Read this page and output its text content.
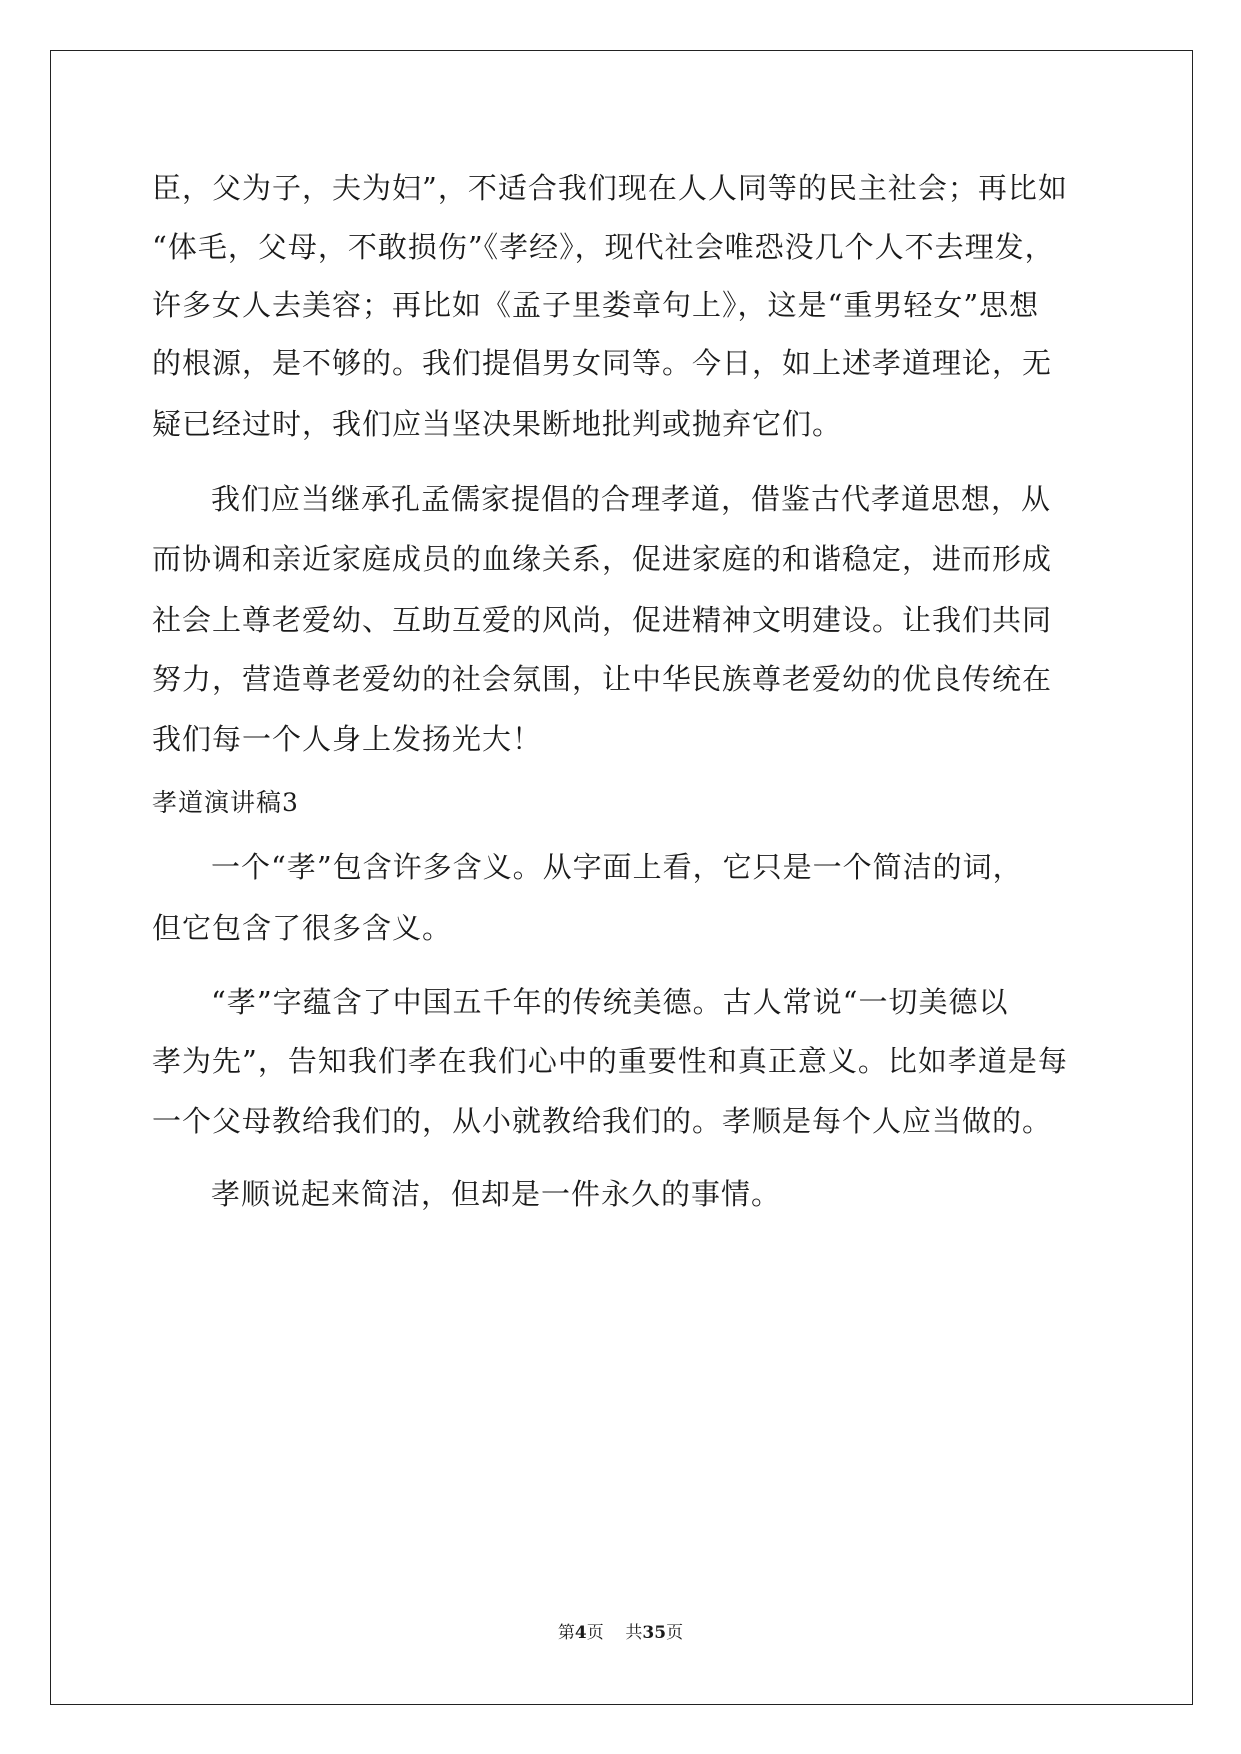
臣，父为子，夫为妇”，不适合我们现在人人同等的民主社会；再比如
“体毛，父母，不敢损伤”《孝经》，现代社会唯恐没几个人不去理发，
许多女人去美容；再比如《孟子里娄章句上》，这是“重男轻女”思想
的根源，是不够的。我们提倡男女同等。今日，如上述孝道理论，无
疑已经过时，我们应当坚决果断地批判或抛弃它们。
我们应当继承孔孟儒家提倡的合理孝道，借鉴古代孝道思想，从
而协调和亲近家庭成员的血缘关系，促进家庭的和谐稳定，进而形成
社会上尊老爱幼、互助互爱的风尚，促进精神文明建设。让我们共同
努力，营造尊老爱幼的社会氛围，让中华民族尊老爱幼的优良传统在
我们每一个人身上发扬光大！
孝道演讲稿3
一个“孝”包含许多含义。从字面上看，它只是一个简洁的词，
但它包含了很多含义。
“孝”字蕴含了中国五千年的传统美德。古人常说“一切美德以
孝为先”，告知我们孝在我们心中的重要性和真正意义。比如孝道是每
一个父母教给我们的，从小就教给我们的。孝顺是每个人应当做的。
孝顺说起来简洁，但却是一件永久的事情。
第4页 共35页
